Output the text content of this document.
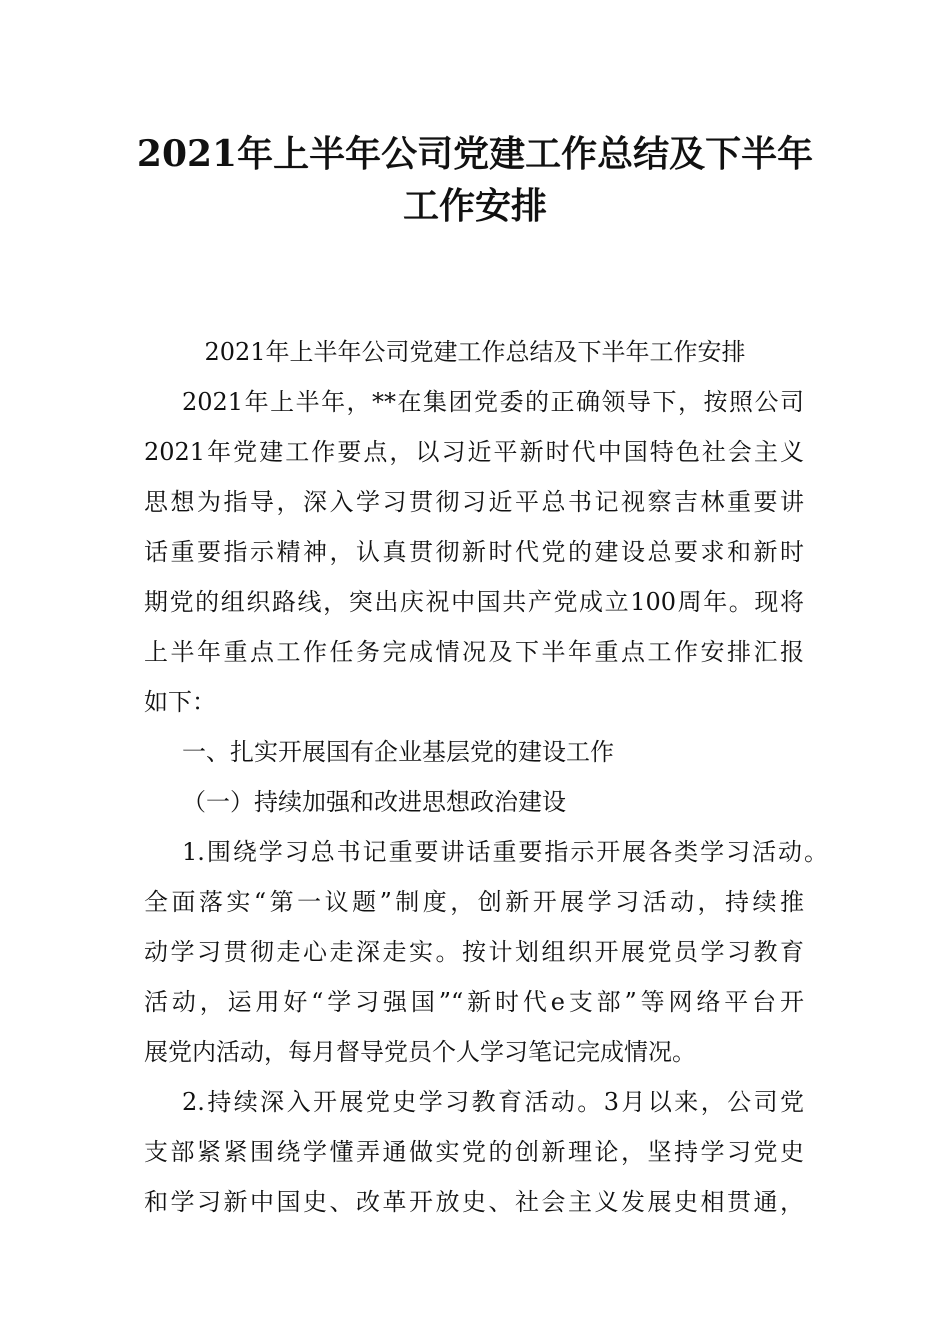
2021年上半年公司党建工作总结及下半年
工作安排

2021年上半年公司党建工作总结及下半年工作安排

2021年上半年，**在集团党委的正确领导下，按照公司

2021年党建工作要点，以习近平新时代中国特色社会主义

思想为指导，深入学习贯彻习近平总书记视察吉林重要讲

话重要指示精神，认真贯彻新时代党的建设总要求和新时

期党的组织路线，突出庆祝中国共产党成立100周年。现将

上半年重点工作任务完成情况及下半年重点工作安排汇报

如下：

一、扎实开展国有企业基层党的建设工作

（一）持续加强和改进思想政治建设

1.围绕学习总书记重要讲话重要指示开展各类学习活动。

全面落实“第一议题”制度，创新开展学习活动，持续推

动学习贯彻走心走深走实。按计划组织开展党员学习教育

活动，运用好“学习强国”“新时代e支部”等网络平台开

展党内活动，每月督导党员个人学习笔记完成情况。

2.持续深入开展党史学习教育活动。3月以来，公司党

支部紧紧围绕学懂弄通做实党的创新理论，坚持学习党史

和学习新中国史、改革开放史、社会主义发展史相贯通，
